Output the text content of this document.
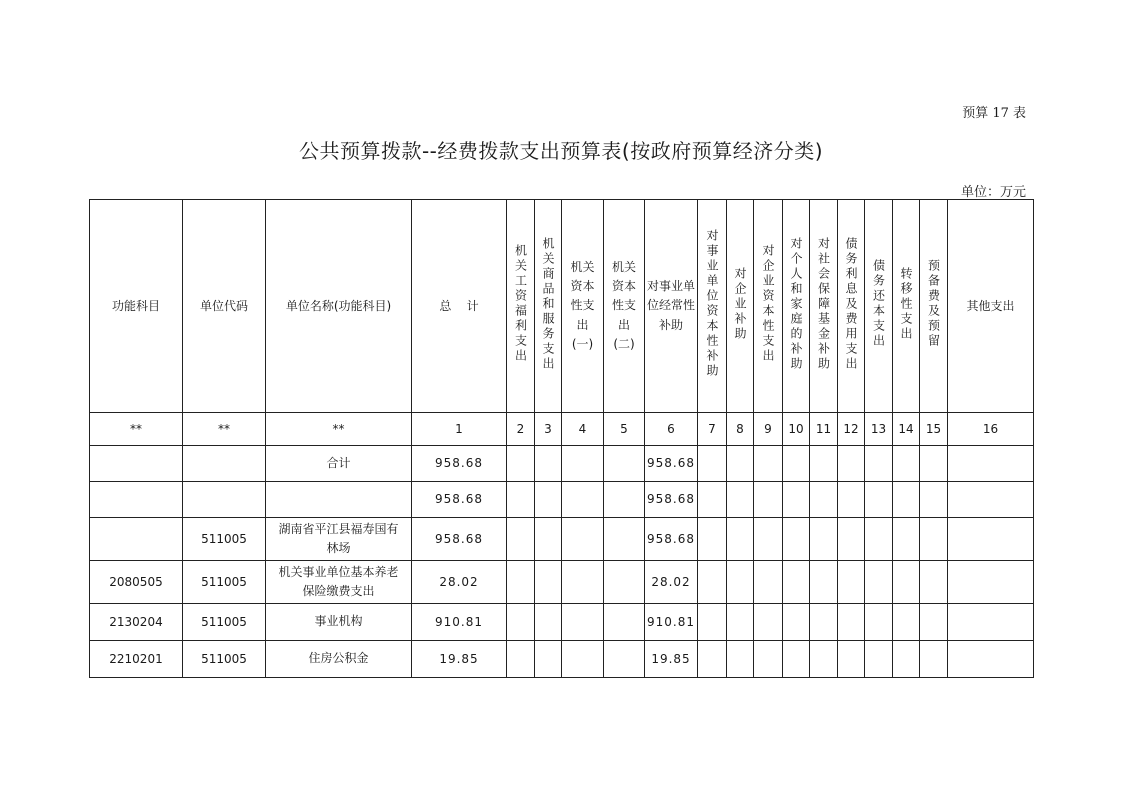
预算 17 表
公共预算拨款--经费拨款支出预算表(按政府预算经济分类)
单位：万元
功能科目	单位代码	单位名称(功能科目)	总    计	机关工资福利支出	机关商品和服务支出	机关资本性支出(一)	机关资本性支出(二)	对事业单位经常性补助	对事业单位资本性补助	对企业补助	对企业资本性支出	对个人和家庭的补助	对社会保障基金补助	债务利息及费用支出	债务还本支出	转移性支出	预备费及预留	其他支出
**	**	**	1	2	3	4	5	6	7	8	9	10	11	12	13	14	15	16
		合计	958.68					958.68										
			958.68					958.68										
	511005	湖南省平江县福寿国有林场	958.68					958.68										
2080505	511005	机关事业单位基本养老保险缴费支出	28.02					28.02										
2130204	511005	事业机构	910.81					910.81										
2210201	511005	住房公积金	19.85					19.85										
